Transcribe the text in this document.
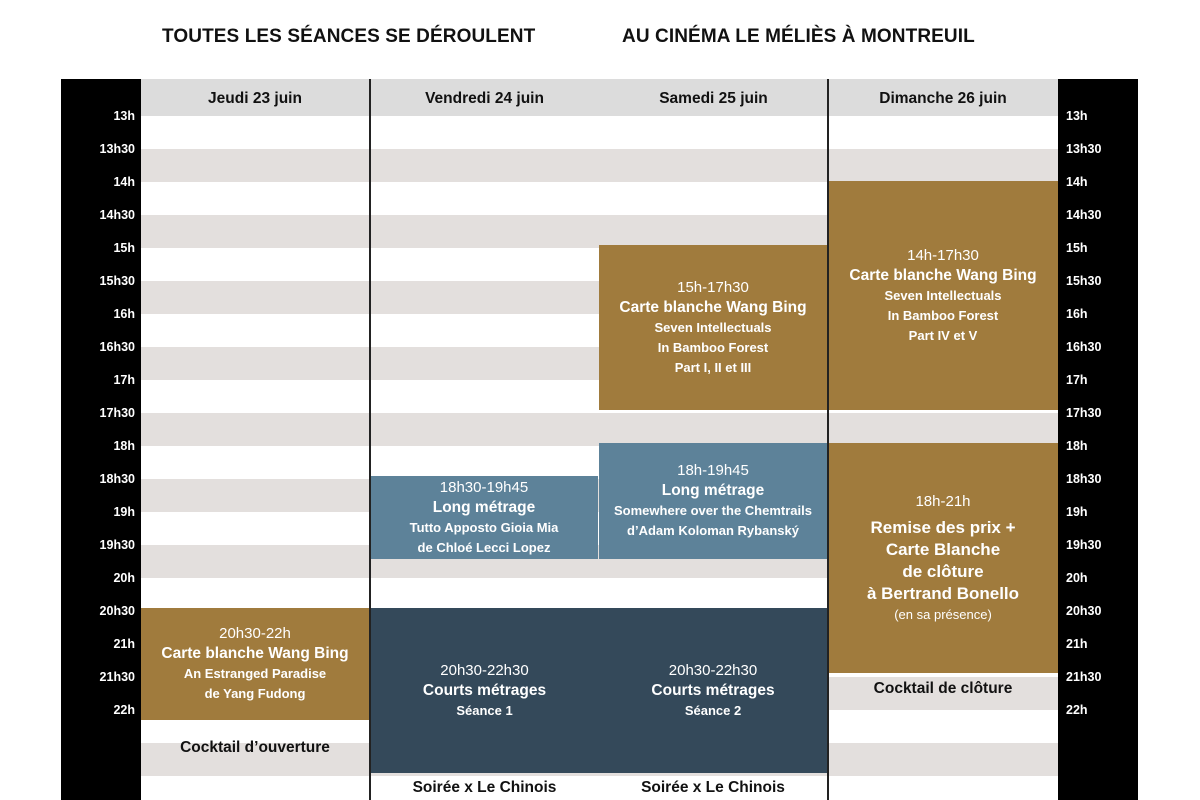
TOUTES LES SÉANCES SE DÉROULENT	AU CINÉMA LE MÉLIÈS À MONTREUIL
13h
13h30
14h
14h30
15h
15h30
16h
16h30
17h
17h30
18h
18h30
19h
19h30
20h
20h30
21h
21h30
22h
13h
13h30
14h
14h30
15h
15h30
16h
16h30
17h
17h30
18h
18h30
19h
19h30
20h
20h30
21h
21h30
22h
Jeudi 23 juin	Vendredi 24 juin	Samedi 25 juin	Dimanche 26 juin
20h30-22h
Carte blanche Wang Bing
An Estranged Paradise
de Yang Fudong
Cocktail d’ouverture
18h30-19h45
Long métrage
Tutto Apposto Gioia Mia
de Chloé Lecci Lopez
20h30-22h30
Courts métrages
Séance 1
20h30-22h30
Courts métrages
Séance 2
Soirée x Le Chinois
15h-17h30
Carte blanche Wang Bing
Seven Intellectuals
In Bamboo Forest
Part I, II et III
18h-19h45
Long métrage
Somewhere over the Chemtrails
d’Adam Koloman Rybanský
Soirée x Le Chinois
14h-17h30
Carte blanche Wang Bing
Seven Intellectuals
In Bamboo Forest
Part IV et V
18h-21h
Remise des prix +
Carte Blanche
de clôture
à Bertrand Bonello
(en sa présence)
Cocktail de clôture
